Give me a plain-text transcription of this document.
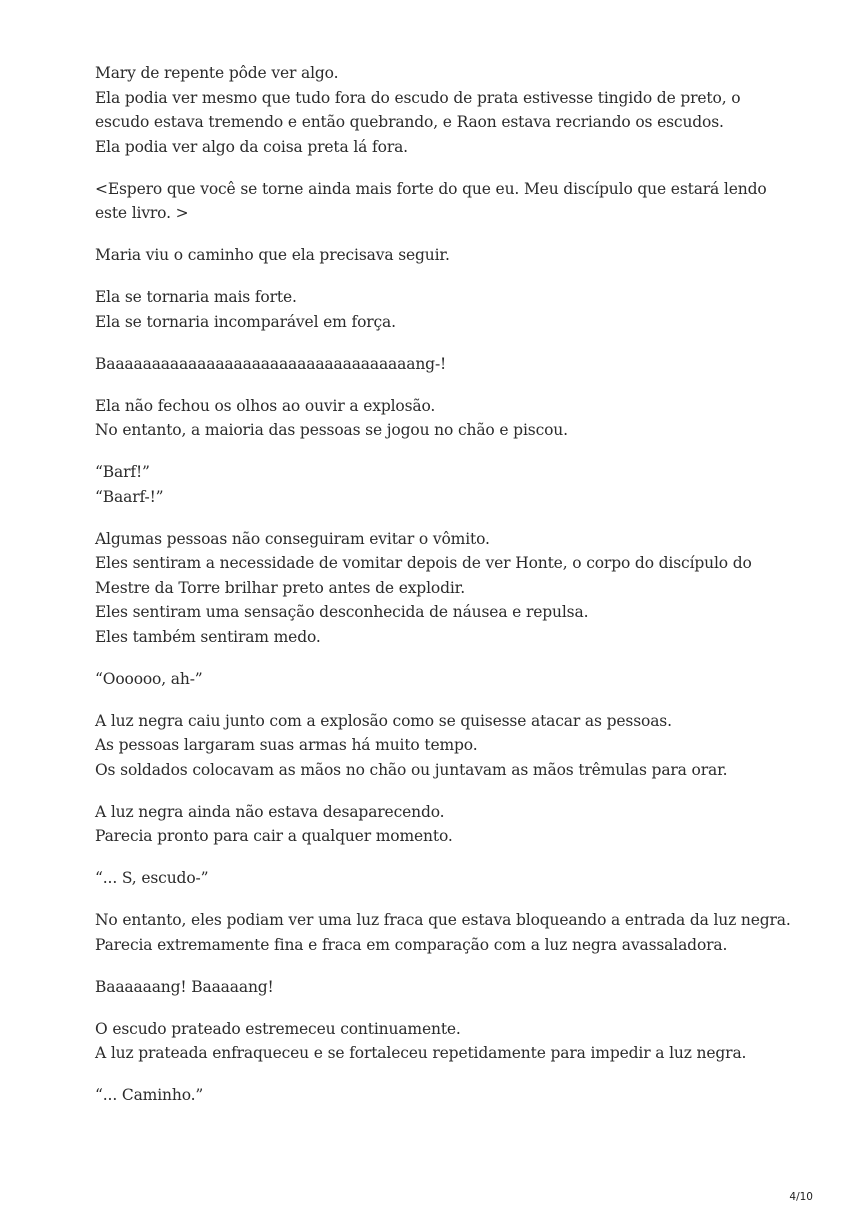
Mary de repente pôde ver algo.
Ela podia ver mesmo que tudo fora do escudo de prata estivesse tingido de preto, o
escudo estava tremendo e então quebrando, e Raon estava recriando os escudos.
Ela podia ver algo da coisa preta lá fora.

<Espero que você se torne ainda mais forte do que eu. Meu discípulo que estará lendo
este livro. >

Maria viu o caminho que ela precisava seguir.

Ela se tornaria mais forte.
Ela se tornaria incomparável em força.

Baaaaaaaaaaaaaaaaaaaaaaaaaaaaaaaaaang-!

Ela não fechou os olhos ao ouvir a explosão.
No entanto, a maioria das pessoas se jogou no chão e piscou.

“Barf!”
“Baarf-!”

Algumas pessoas não conseguiram evitar o vômito.
Eles sentiram a necessidade de vomitar depois de ver Honte, o corpo do discípulo do
Mestre da Torre brilhar preto antes de explodir.
Eles sentiram uma sensação desconhecida de náusea e repulsa.
Eles também sentiram medo.

“Oooooo, ah-”

A luz negra caiu junto com a explosão como se quisesse atacar as pessoas.
As pessoas largaram suas armas há muito tempo.
Os soldados colocavam as mãos no chão ou juntavam as mãos trêmulas para orar.

A luz negra ainda não estava desaparecendo.
Parecia pronto para cair a qualquer momento.

“... S, escudo-”

No entanto, eles podiam ver uma luz fraca que estava bloqueando a entrada da luz negra.
Parecia extremamente fina e fraca em comparação com a luz negra avassaladora.

Baaaaaang! Baaaaang!

O escudo prateado estremeceu continuamente.
A luz prateada enfraqueceu e se fortaleceu repetidamente para impedir a luz negra.

“... Caminho.”

4/10
